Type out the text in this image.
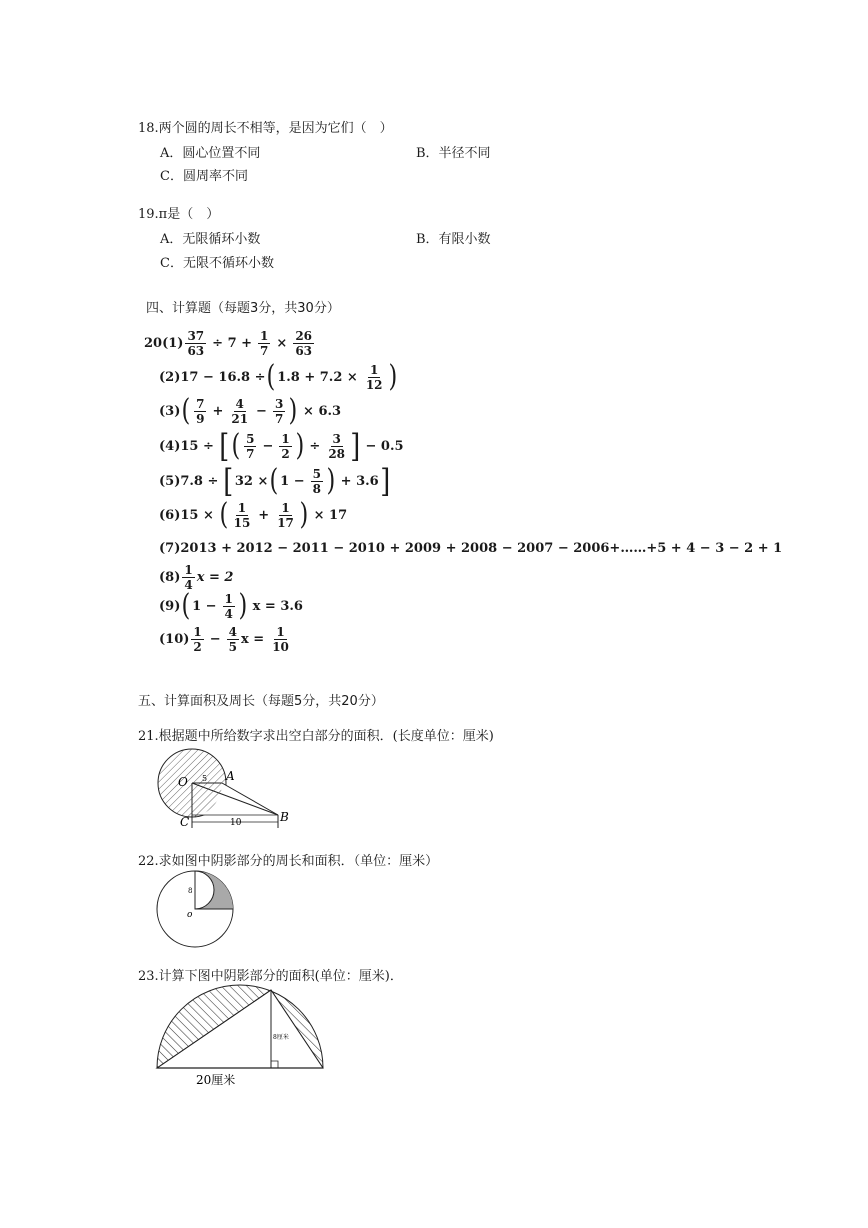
18.两个圆的周长不相等，是因为它们（　）
A．圆心位置不同	B．半径不同
C．圆周率不同
19.π是（　）
A．无限循环小数	B．有限小数
C．无限不循环小数
四、计算题（每题3分，共30分）
$20(1) \frac{37}{63} \div 7 + \frac{1}{7} \times \frac{26}{63}$
(2) 17 − 16.8 ÷ ( $1.8 + 7.2 \times \frac{1}{12}$ )
(3) ( $\frac{7}{9} + \frac{4}{21} - \frac{3}{7}$ ) × 6.3
(4) 15 ÷ [ ( $\frac{5}{7} - \frac{1}{2}$ ) ÷ $\frac{3}{28}$ ] − 0.5
(5) 7.8 ÷ [ 32 × ( $1 - \frac{5}{8}$ ) + 3.6 ]
(6) 15 × ( $\frac{1}{15} + \frac{1}{17}$ ) × 17
(7) 2013 + 2012 − 2011 − 2010 + 2009 + 2008 − 2007 − 2006+……+5 + 4 − 3 − 2 + 1
$(8) \frac{1}{4}$ x = 2
(9) ( $1 - \frac{1}{4}$ ) x = 3.6
$(10) \frac{1}{2} - \frac{4}{5}$ $x = \frac{1}{10}$
五、计算面积及周长（每题5分，共20分）
21.根据题中所给数字求出空白部分的面积．(长度单位：厘米)
O 5 A
B
C	10
22.求如图中阴影部分的周长和面积．（单位：厘米）
8
o
23.计算下图中阴影部分的面积(单位：厘米)．
8厘米
20厘米
